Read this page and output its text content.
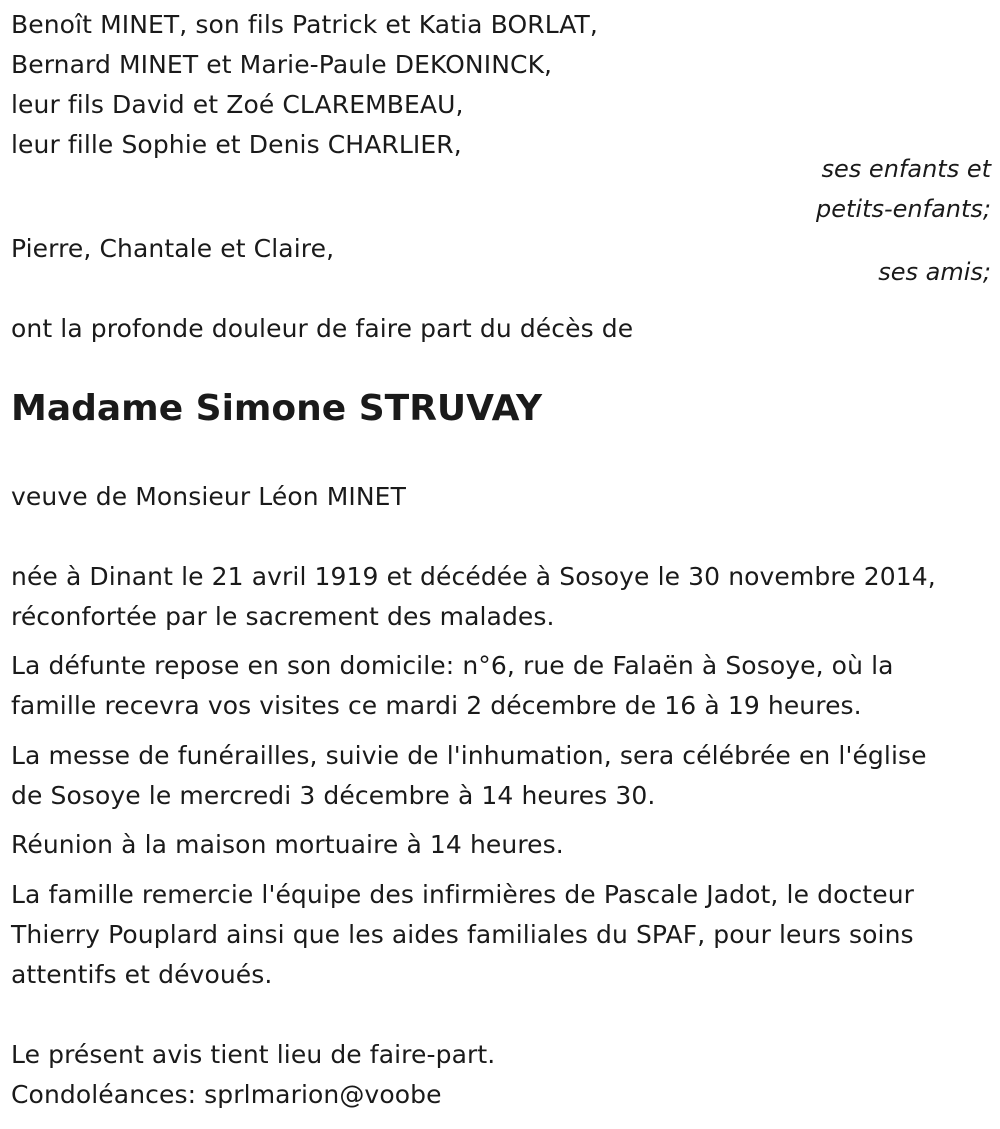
Benoît MINET, son fils Patrick et Katia BORLAT,
Bernard MINET et Marie-Paule DEKONINCK,
leur fils David et Zoé CLAREMBEAU,
leur fille Sophie et Denis CHARLIER,
ses enfants et
petits-enfants;
Pierre, Chantale et Claire,
ses amis;
ont la profonde douleur de faire part du décès de
Madame Simone STRUVAY
veuve de Monsieur Léon MINET
née à Dinant le 21 avril 1919 et décédée à Sosoye le 30 novembre 2014,
réconfortée par le sacrement des malades.
La défunte repose en son domicile: n°6, rue de Falaën à Sosoye, où la
famille recevra vos visites ce mardi 2 décembre de 16 à 19 heures.
La messe de funérailles, suivie de l'inhumation, sera célébrée en l'église
de Sosoye le mercredi 3 décembre à 14 heures 30.
Réunion à la maison mortuaire à 14 heures.
La famille remercie l'équipe des infirmières de Pascale Jadot, le docteur
Thierry Pouplard ainsi que les aides familiales du SPAF, pour leurs soins
attentifs et dévoués.
Le présent avis tient lieu de faire-part.
Condoléances: sprlmarion@voobe
